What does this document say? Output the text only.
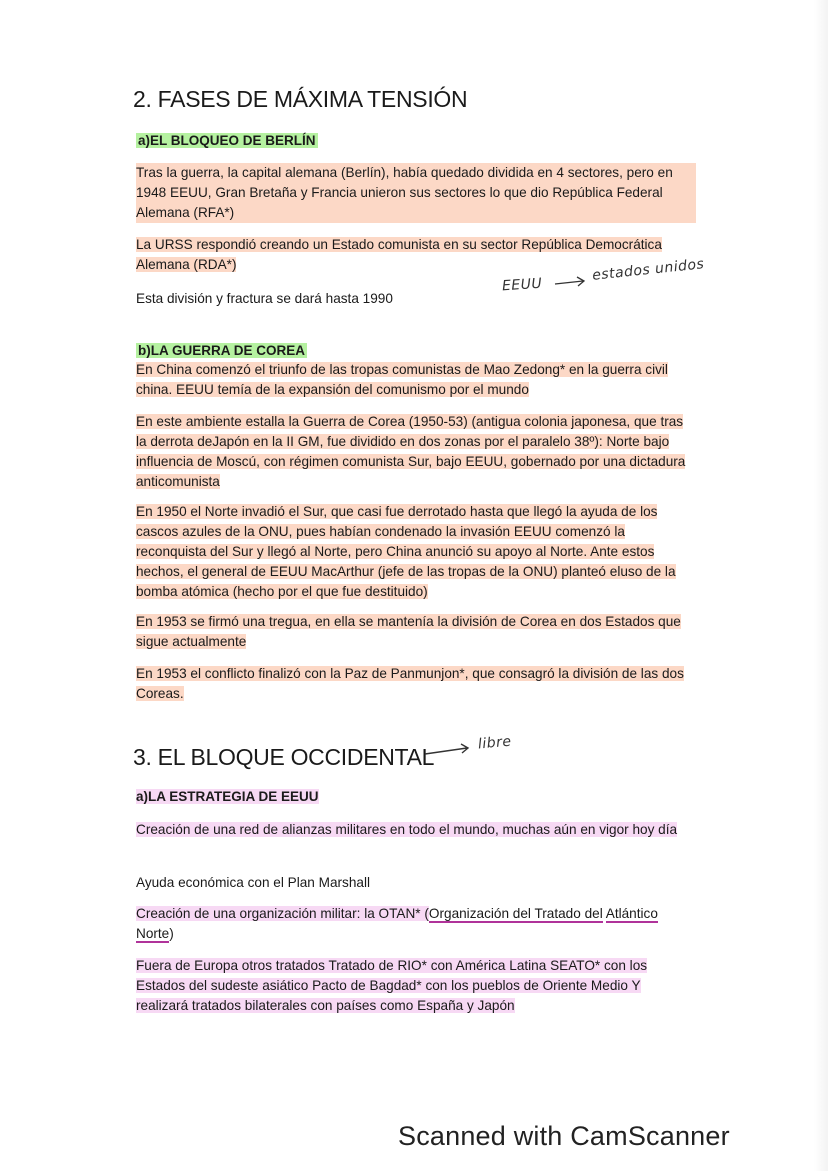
2. FASES DE MÁXIMA TENSIÓN
a)EL BLOQUEO DE BERLÍN
Tras la guerra, la capital alemana (Berlín), había quedado dividida en 4 sectores, pero en 1948 EEUU, Gran Bretaña y Francia unieron sus sectores lo que dio República Federal Alemana (RFA*)
La URSS respondió creando un Estado comunista en su sector República Democrática Alemana (RDA*)
Esta división y fractura se dará hasta 1990
EEUU
estados unidos
b)LA GUERRA DE COREA
En China comenzó el triunfo de las tropas comunistas de Mao Zedong* en la guerra civil china. EEUU temía de la expansión del comunismo por el mundo
En este ambiente estalla la Guerra de Corea (1950-53) (antigua colonia japonesa, que tras la derrota deJapón en la II GM, fue dividido en dos zonas por el paralelo 38º): Norte bajo influencia de Moscú, con régimen comunista Sur, bajo EEUU, gobernado por una dictadura anticomunista
En 1950 el Norte invadió el Sur, que casi fue derrotado hasta que llegó la ayuda de los cascos azules de la ONU, pues habían condenado la invasión EEUU comenzó la reconquista del Sur y llegó al Norte, pero China anunció su apoyo al Norte. Ante estos hechos, el general de EEUU MacArthur (jefe de las tropas de la ONU) planteó eluso de la bomba atómica (hecho por el que fue destituido)
En 1953 se firmó una tregua, en ella se mantenía la división de Corea en dos Estados que sigue actualmente
En 1953 el conflicto finalizó con la Paz de Panmunjon*, que consagró la división de las dos Coreas.
3. EL BLOQUE OCCIDENTAL
libre
a)LA ESTRATEGIA DE EEUU
Creación de una red de alianzas militares en todo el mundo, muchas aún en vigor hoy día
Ayuda económica con el Plan Marshall
Creación de una organización militar: la OTAN* (Organización del Tratado del Atlántico Norte)
Fuera de Europa otros tratados Tratado de RIO* con América Latina SEATO* con los Estados del sudeste asiático Pacto de Bagdad* con los pueblos de Oriente Medio Y realizará tratados bilaterales con países como España y Japón
Scanned with CamScanner
